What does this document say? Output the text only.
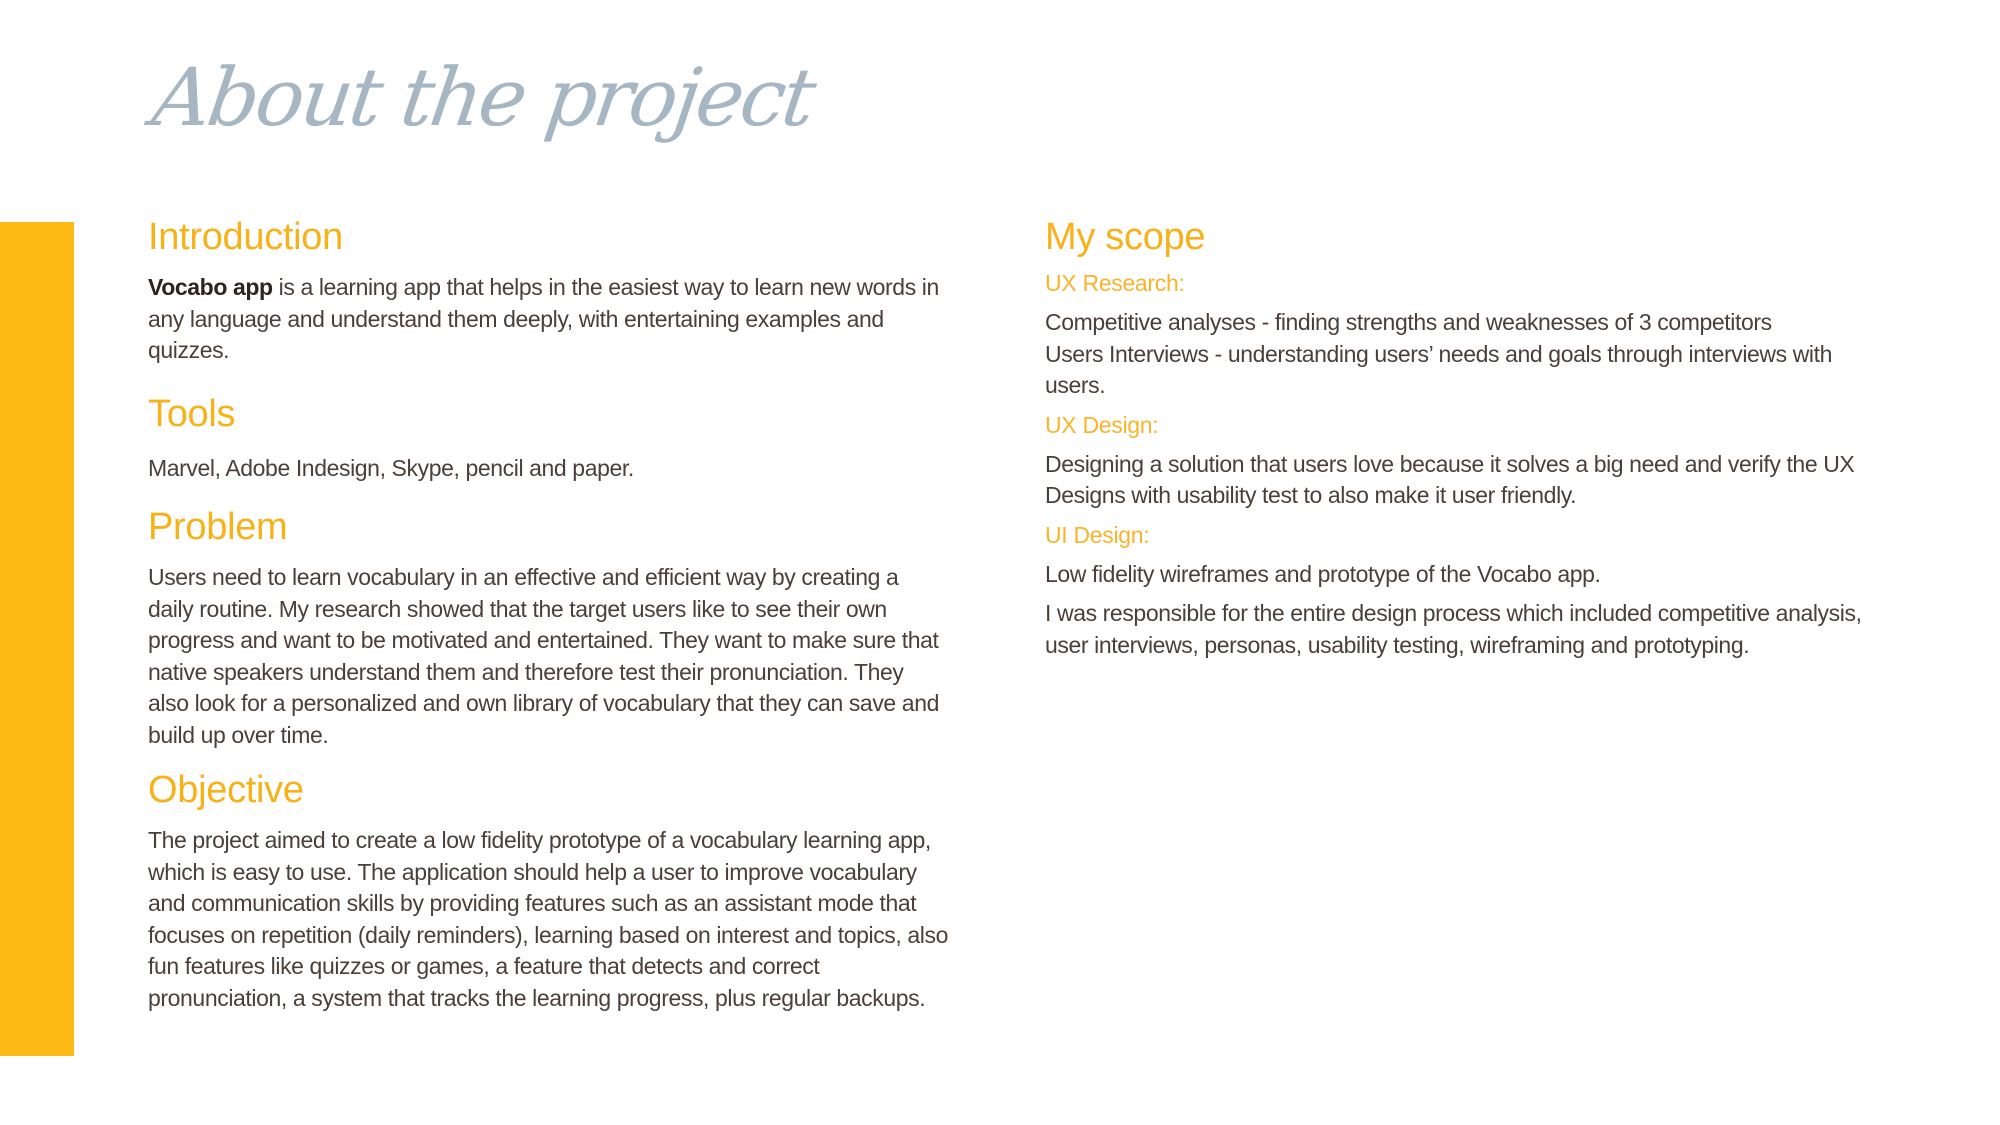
About the project
Introduction

Vocabo app is a learning app that helps in the easiest way to learn new words in any language and understand them deeply, with entertaining examples and quizzes.

Tools

Marvel, Adobe Indesign, Skype, pencil and paper.

Problem

Users need to learn vocabulary in an effective and efficient way by creating a daily routine. My research showed that the target users like to see their own progress and want to be motivated and entertained. They want to make sure that native speakers understand them and therefore test their pronunciation. They also look for a personalized and own library of vocabulary that they can save and build up over time.

Objective

The project aimed to create a low fidelity prototype of a vocabulary learning app, which is easy to use. The application should help a user to improve vocabulary and communication skills by providing features such as an assistant mode that focuses on repetition (daily reminders), learning based on interest and topics, also fun features like quizzes or games, a feature that detects and correct pronunciation, a system that tracks the learning progress, plus regular backups.

My scope
UX Research:

Competitive analyses - finding strengths and weaknesses of 3 competitors

Users Interviews - understanding users’ needs and goals through interviews with users.

UX Design:

Designing a solution that users love because it solves a big need and verify the UX Designs with usability test to also make it user friendly.

UI Design:

Low fidelity wireframes and prototype of the Vocabo app.

I was responsible for the entire design process which included competitive analysis, user interviews, personas, usability testing, wireframing and prototyping.
